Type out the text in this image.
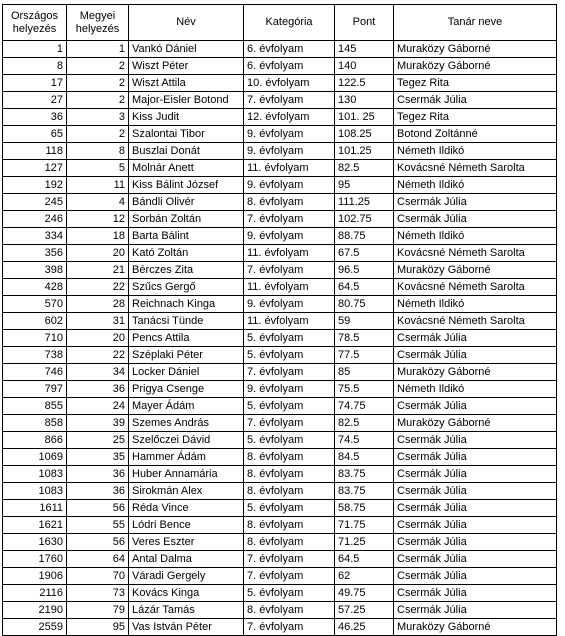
Országos helyezés	Megyei helyezés	Név	Kategória	Pont	Tanár neve
1	1	Vankó Dániel	6. évfolyam	145	Muraközy Gáborné
8	2	Wiszt Péter	6. évfolyam	140	Muraközy Gáborné
17	2	Wiszt Attila	10. évfolyam	122.5	Tegez Rita
27	2	Major-Eisler Botond	7. évfolyam	130	Csermák Júlia
36	3	Kiss Judit	12. évfolyam	101. 25	Tegez Rita
65	2	Szalontai Tibor	9. évfolyam	108.25	Botond Zoltánné
118	8	Buszlai Donát	9. évfolyam	101.25	Németh Ildikó
127	5	Molnár Anett	11. évfolyam	82.5	Kovácsné Németh Sarolta
192	11	Kiss Bálint József	9. évfolyam	95	Németh Ildikó
245	4	Bándli Olivér	8. évfolyam	111.25	Csermák Júlia
246	12	Sorbán Zoltán	7. évfolyam	102.75	Csermák Júlia
334	18	Barta Bálint	9. évfolyam	88.75	Németh Ildikó
356	20	Kató Zoltán	11. évfolyam	67.5	Kovácsné Németh Sarolta
398	21	Bérczes Zita	7. évfolyam	96.5	Muraközy Gáborné
428	22	Szűcs Gergő	11. évfolyam	64.5	Kovácsné Németh Sarolta
570	28	Reichnach Kinga	9. évfolyam	80.75	Németh Ildikó
602	31	Tanácsi Tünde	11. évfolyam	59	Kovácsné Németh Sarolta
710	20	Pencs Attila	5. évfolyam	78.5	Csermák Júlia
738	22	Széplaki Péter	5. évfolyam	77.5	Csermák Júlia
746	34	Locker Dániel	7. évfolyam	85	Muraközy Gáborné
797	36	Prigya Csenge	9. évfolyam	75.5	Németh Ildikó
855	24	Mayer Ádám	5. évfolyam	74.75	Csermák Júlia
858	39	Szemes András	7. évfolyam	82.5	Muraközy Gáborné
866	25	Szelőczei Dávid	5. évfolyam	74.5	Csermák Júlia
1069	35	Hammer Ádám	8. évfolyam	84.5	Csermák Júlia
1083	36	Huber Annamária	8. évfolyam	83.75	Csermák Júlia
1083	36	Sirokmán Alex	8. évfolyam	83.75	Csermák Júlia
1611	56	Réda Vince	5. évfolyam	58.75	Csermák Júlia
1621	55	Lódri Bence	8. évfolyam	71.75	Csermák Júlia
1630	56	Veres Eszter	8. évfolyam	71.25	Csermák Júlia
1760	64	Antal Dalma	7. évfolyam	64.5	Csermák Júlia
1906	70	Váradi Gergely	7. évfolyam	62	Csermák Júlia
2116	73	Kovács Kinga	5. évfolyam	49.75	Csermák Júlia
2190	79	Lázár Tamás	8. évfolyam	57.25	Csermák Júlia
2559	95	Vas István Péter	7. évfolyam	46.25	Muraközy Gáborné
